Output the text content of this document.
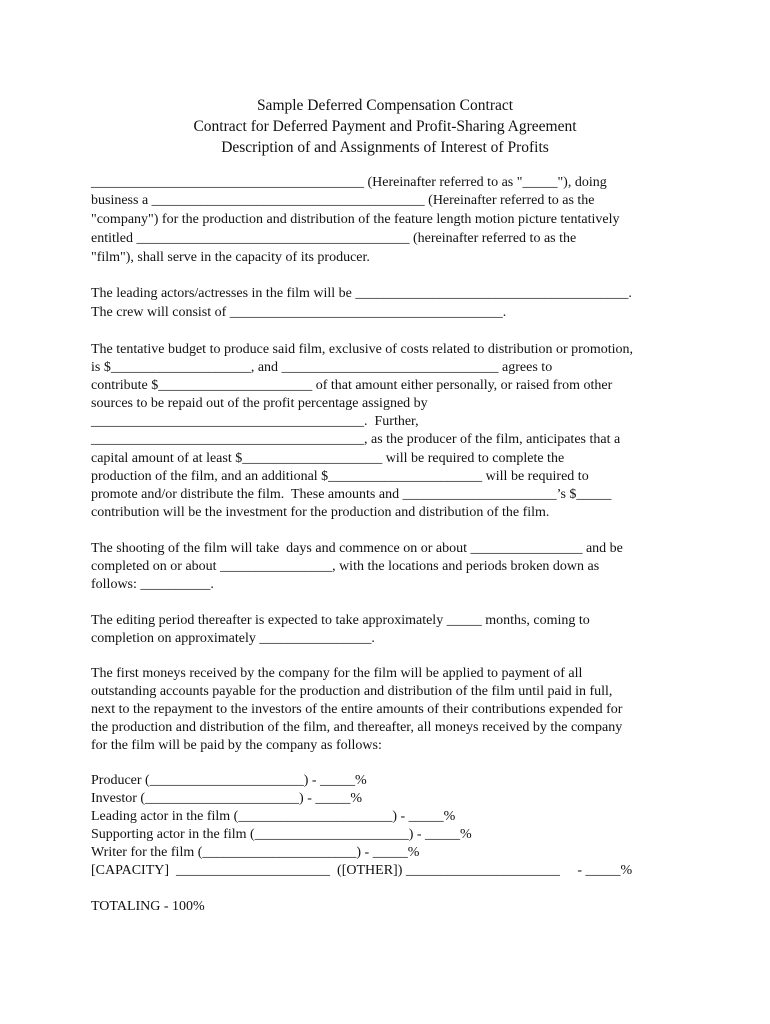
Sample Deferred Compensation Contract
Contract for Deferred Payment and Profit-Sharing Agreement
Description of and Assignments of Interest of Profits
_______________________________________ (Hereinafter referred to as "_____"), doing
business a _______________________________________ (Hereinafter referred to as the
"company") for the production and distribution of the feature length motion picture tentatively
entitled _______________________________________ (hereinafter referred to as the
"film"), shall serve in the capacity of its producer.
The leading actors/actresses in the film will be _______________________________________.
The crew will consist of _______________________________________.
The tentative budget to produce said film, exclusive of costs related to distribution or promotion,
is $____________________, and _______________________________ agrees to
contribute $______________________ of that amount either personally, or raised from other
sources to be repaid out of the profit percentage assigned by
_______________________________________.  Further,
_______________________________________, as the producer of the film, anticipates that a
capital amount of at least $____________________ will be required to complete the
production of the film, and an additional $______________________ will be required to
promote and/or distribute the film.  These amounts and ______________________’s $_____
contribution will be the investment for the production and distribution of the film.
The shooting of the film will take  days and commence on or about ________________ and be
completed on or about ________________, with the locations and periods broken down as
follows: __________.
The editing period thereafter is expected to take approximately _____ months, coming to
completion on approximately ________________.
The first moneys received by the company for the film will be applied to payment of all
outstanding accounts payable for the production and distribution of the film until paid in full,
next to the repayment to the investors of the entire amounts of their contributions expended for
the production and distribution of the film, and thereafter, all moneys received by the company
for the film will be paid by the company as follows:
Producer (______________________) - _____%
Investor (______________________) - _____%
Leading actor in the film (______________________) - _____%
Supporting actor in the film (______________________) - _____%
Writer for the film (______________________) - _____%
[CAPACITY]  ______________________  ([OTHER]) ______________________     - _____%
TOTALING - 100%
